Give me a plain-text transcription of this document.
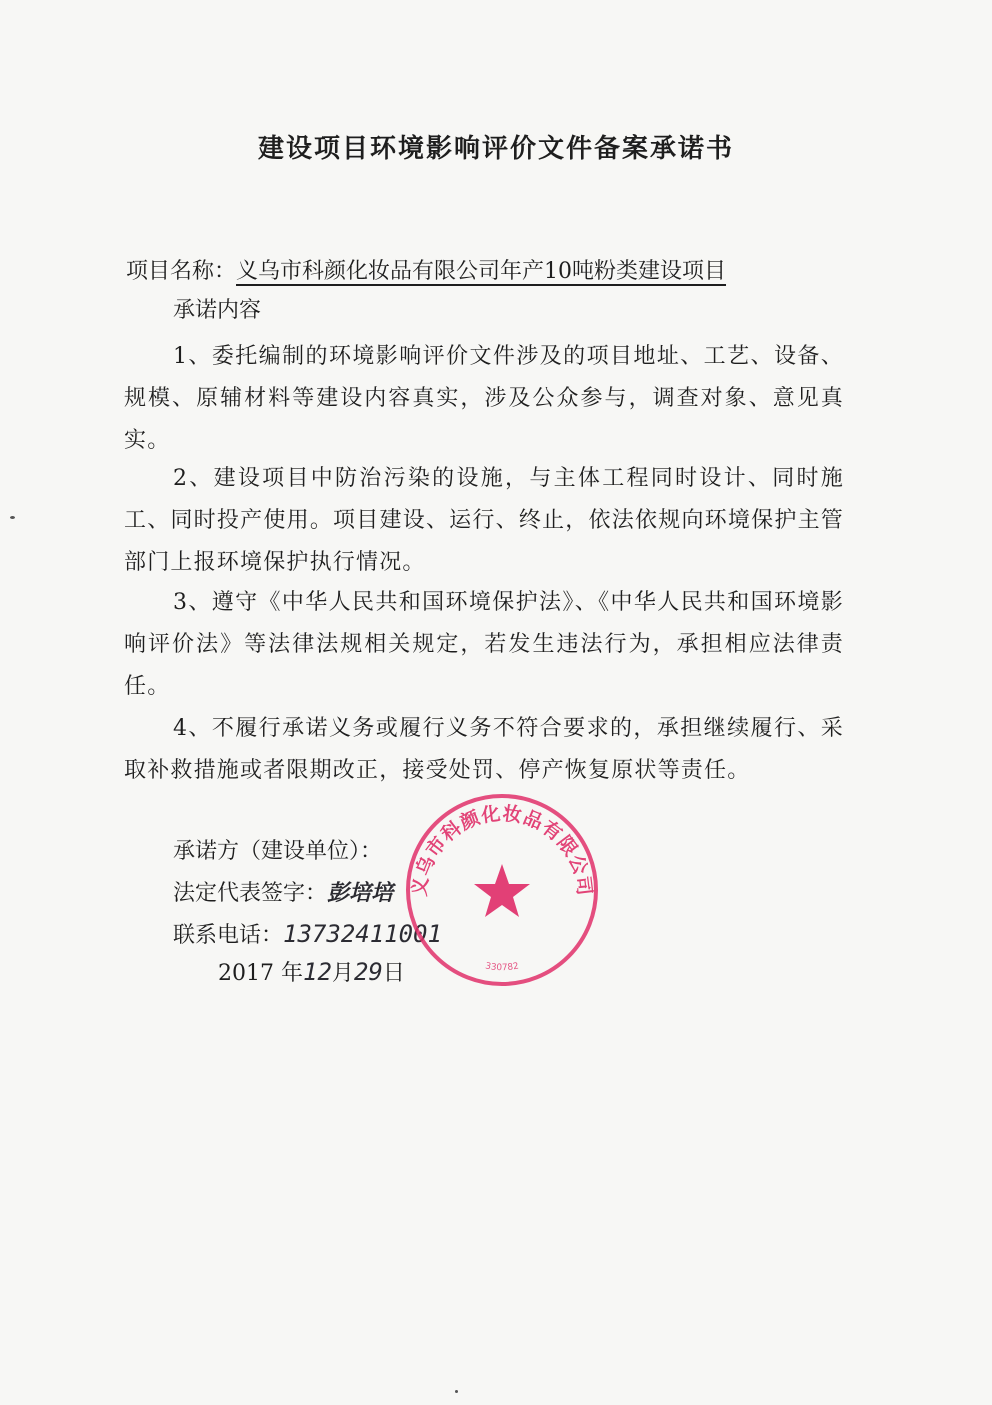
建设项目环境影响评价文件备案承诺书
项目名称：义乌市科颜化妆品有限公司年产10吨粉类建设项目
承诺内容

1、委托编制的环境影响评价文件涉及的项目地址、工艺、设备、规模、原辅材料等建设内容真实，涉及公众参与，调查对象、意见真实。

2、建设项目中防治污染的设施，与主体工程同时设计、同时施工、同时投产使用。项目建设、运行、终止，依法依规向环境保护主管部门上报环境保护执行情况。

3、遵守《中华人民共和国环境保护法》、《中华人民共和国环境影响评价法》等法律法规相关规定，若发生违法行为，承担相应法律责任。

4、不履行承诺义务或履行义务不符合要求的，承担继续履行、采取补救措施或者限期改正，接受处罚、停产恢复原状等责任。

承诺方（建设单位）：
法定代表签字：彭培培
联系电话：13732411001
2017 年12月29日
义乌市科颜化妆品有限公司
330782
